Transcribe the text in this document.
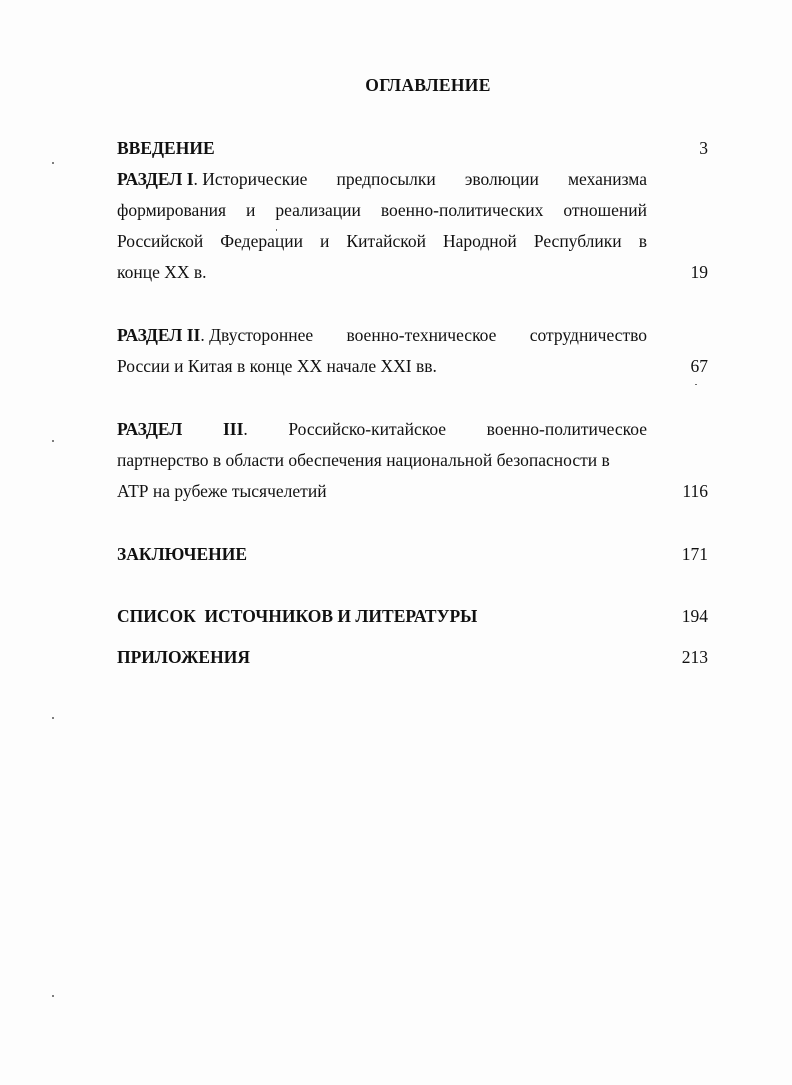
ОГЛАВЛЕНИЕ
ВВЕДЕНИЕ	3
РАЗДЕЛ I. Исторические предпосылки эволюции механизма
формирования и реализации военно-политических отношений
Российской Федерации и Китайской Народной Республики в
конце XX в.	19
РАЗДЕЛ II. Двустороннее военно-техническое сотрудничество
России и Китая в конце XX начале XXI вв.	67
РАЗДЕЛ III. Российско-китайское военно-политическое
партнерство в области обеспечения национальной безопасности в
АТР на рубеже тысячелетий	116
ЗАКЛЮЧЕНИЕ	171
СПИСОК  ИСТОЧНИКОВ И ЛИТЕРАТУРЫ	194
ПРИЛОЖЕНИЯ	213
